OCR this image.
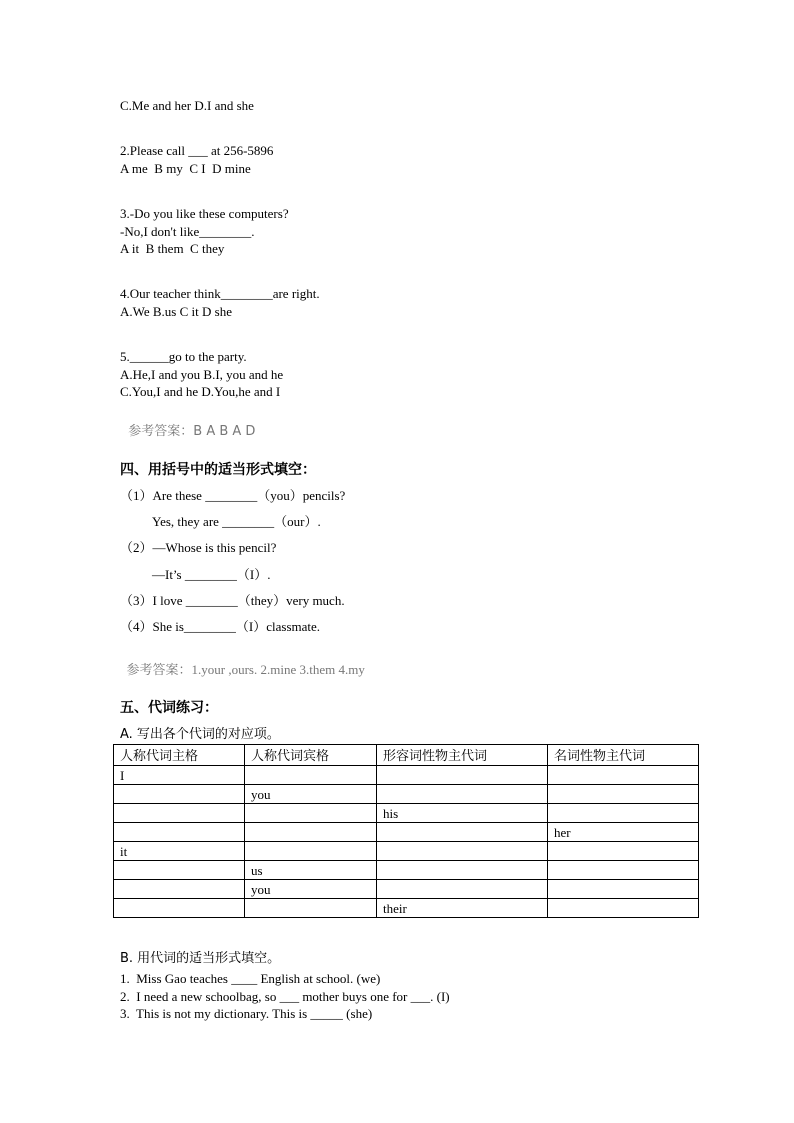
C.Me and her D.I and she
2.Please call ___ at 256-5896
A me  B my  C I  D mine
3.-Do you like these computers?
-No,I don't like________.
A it  B them  C they
4.Our teacher think________are right.
A.We B.us C it D she
5.______go to the party.
A.He,I and you B.I, you and he
C.You,I and he D.You,he and I

参考答案：B A B A D

四、用括号中的适当形式填空：
（1）Are these ________（you）pencils?
Yes, they are ________（our）.
（2）—Whose is this pencil?
—It’s ________（I）.
（3）I love ________（they）very much.
（4）She is________（I）classmate.

参考答案：1.your ,ours. 2.mine 3.them 4.my

五、代词练习：
A. 写出各个代词的对应项。
人称代词主格	人称代词宾格	形容词性物主代词	名词性物主代词
I			
	you		
		his	
			her
it			
	us		
	you		
		their	
B. 用代词的适当形式填空。
1.  Miss Gao teaches ____ English at school. (we)
2.  I need a new schoolbag, so ___ mother buys one for ___. (I)
3.  This is not my dictionary. This is _____ (she)
